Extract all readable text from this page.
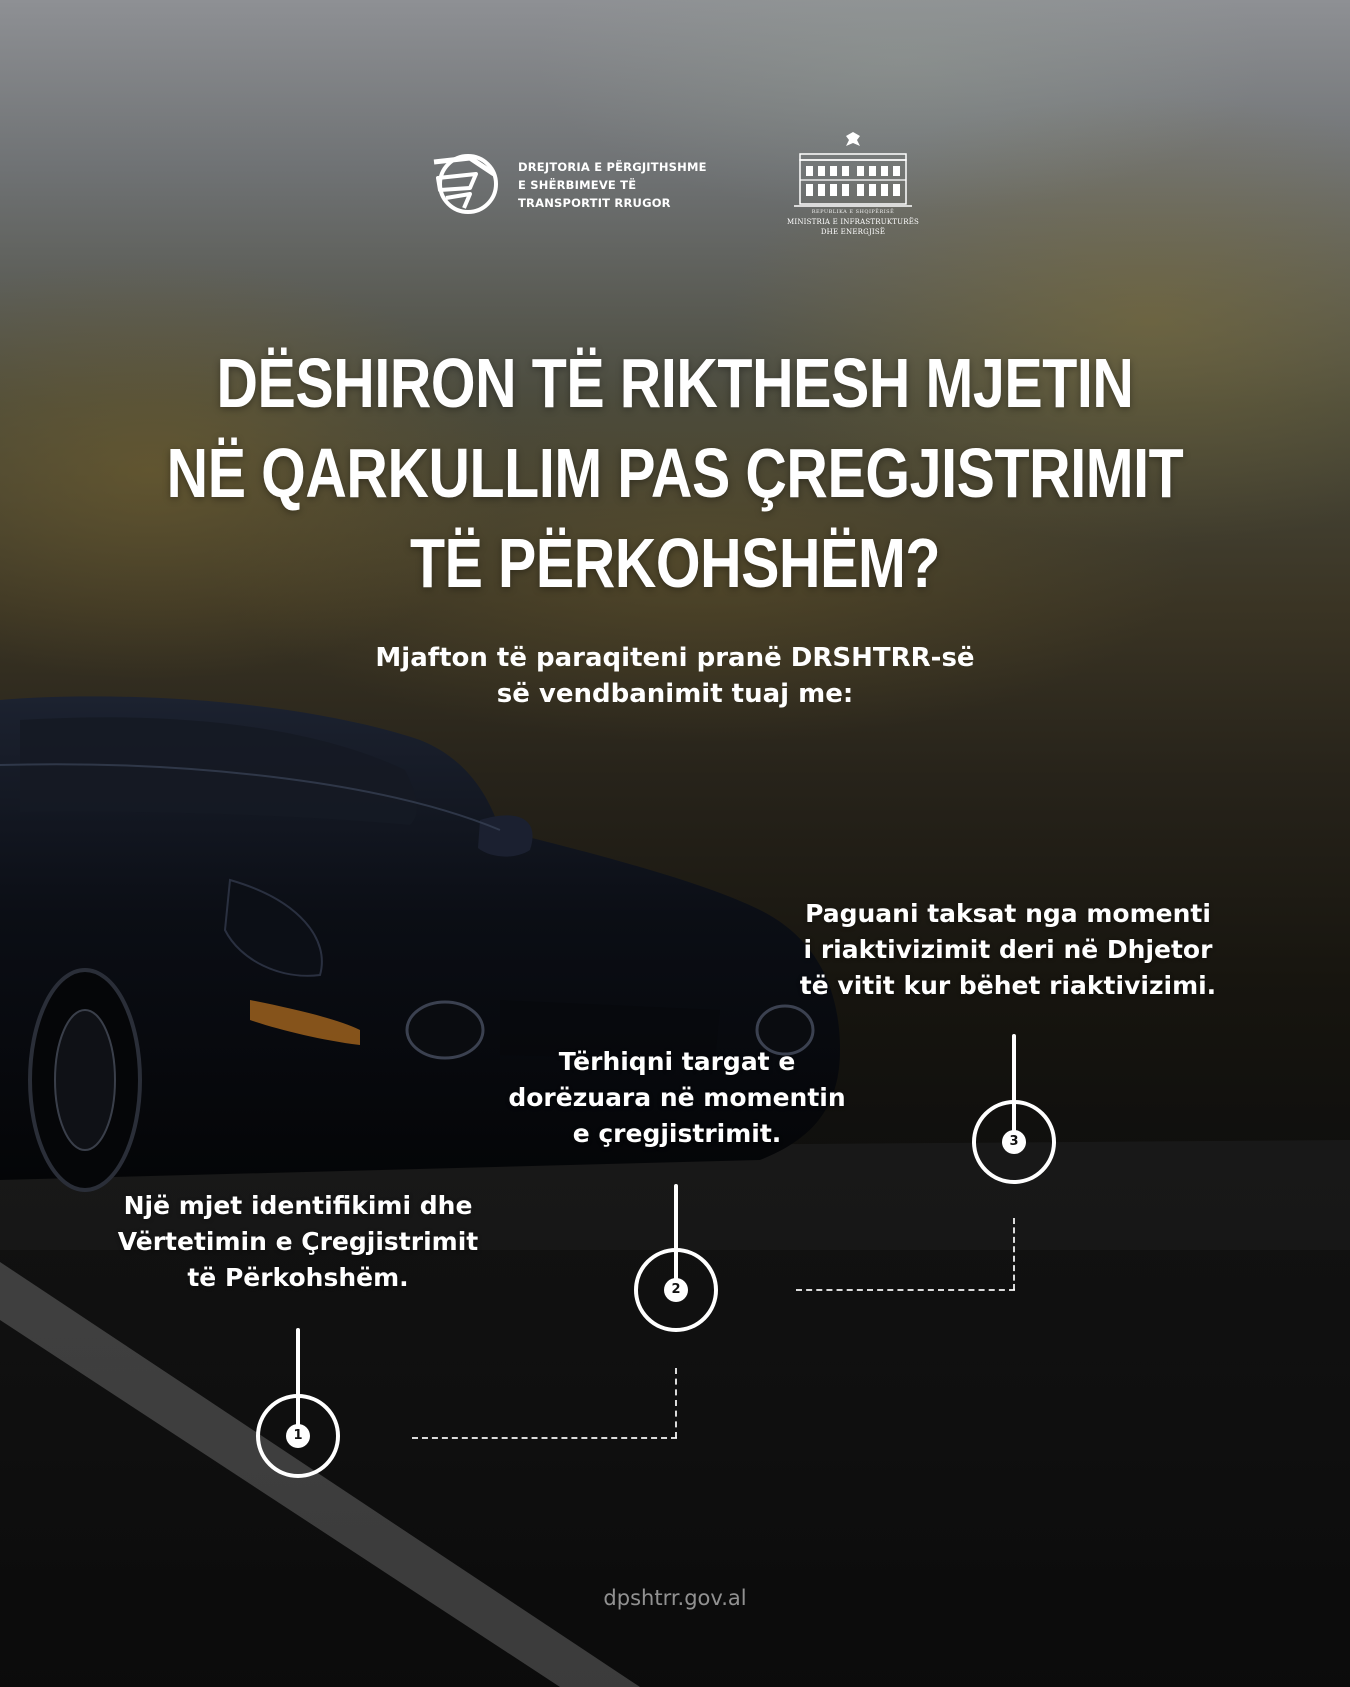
DREJTORIA E PËRGJITHSHME
E SHËRBIMEVE TË
TRANSPORTIT RRUGOR
REPUBLIKA E SHQIPËRISË
MINISTRIA E INFRASTRUKTURËS
DHE ENERGJISË
DËSHIRON TË RIKTHESH MJETIN
NË QARKULLIM PAS ÇREGJISTRIMIT
TË PËRKOHSHËM?
Mjafton të paraqiteni pranë DRSHTRR-së
së vendbanimit tuaj me:
Paguani taksat nga momenti
i riaktivizimit deri në Dhjetor
të vitit kur bëhet riaktivizimi.
3
Tërhiqni targat e
dorëzuara në momentin
e çregjistrimit.
2
Një mjet identifikimi dhe
Vërtetimin e Çregjistrimit
të Përkohshëm.
1
dpshtrr.gov.al
